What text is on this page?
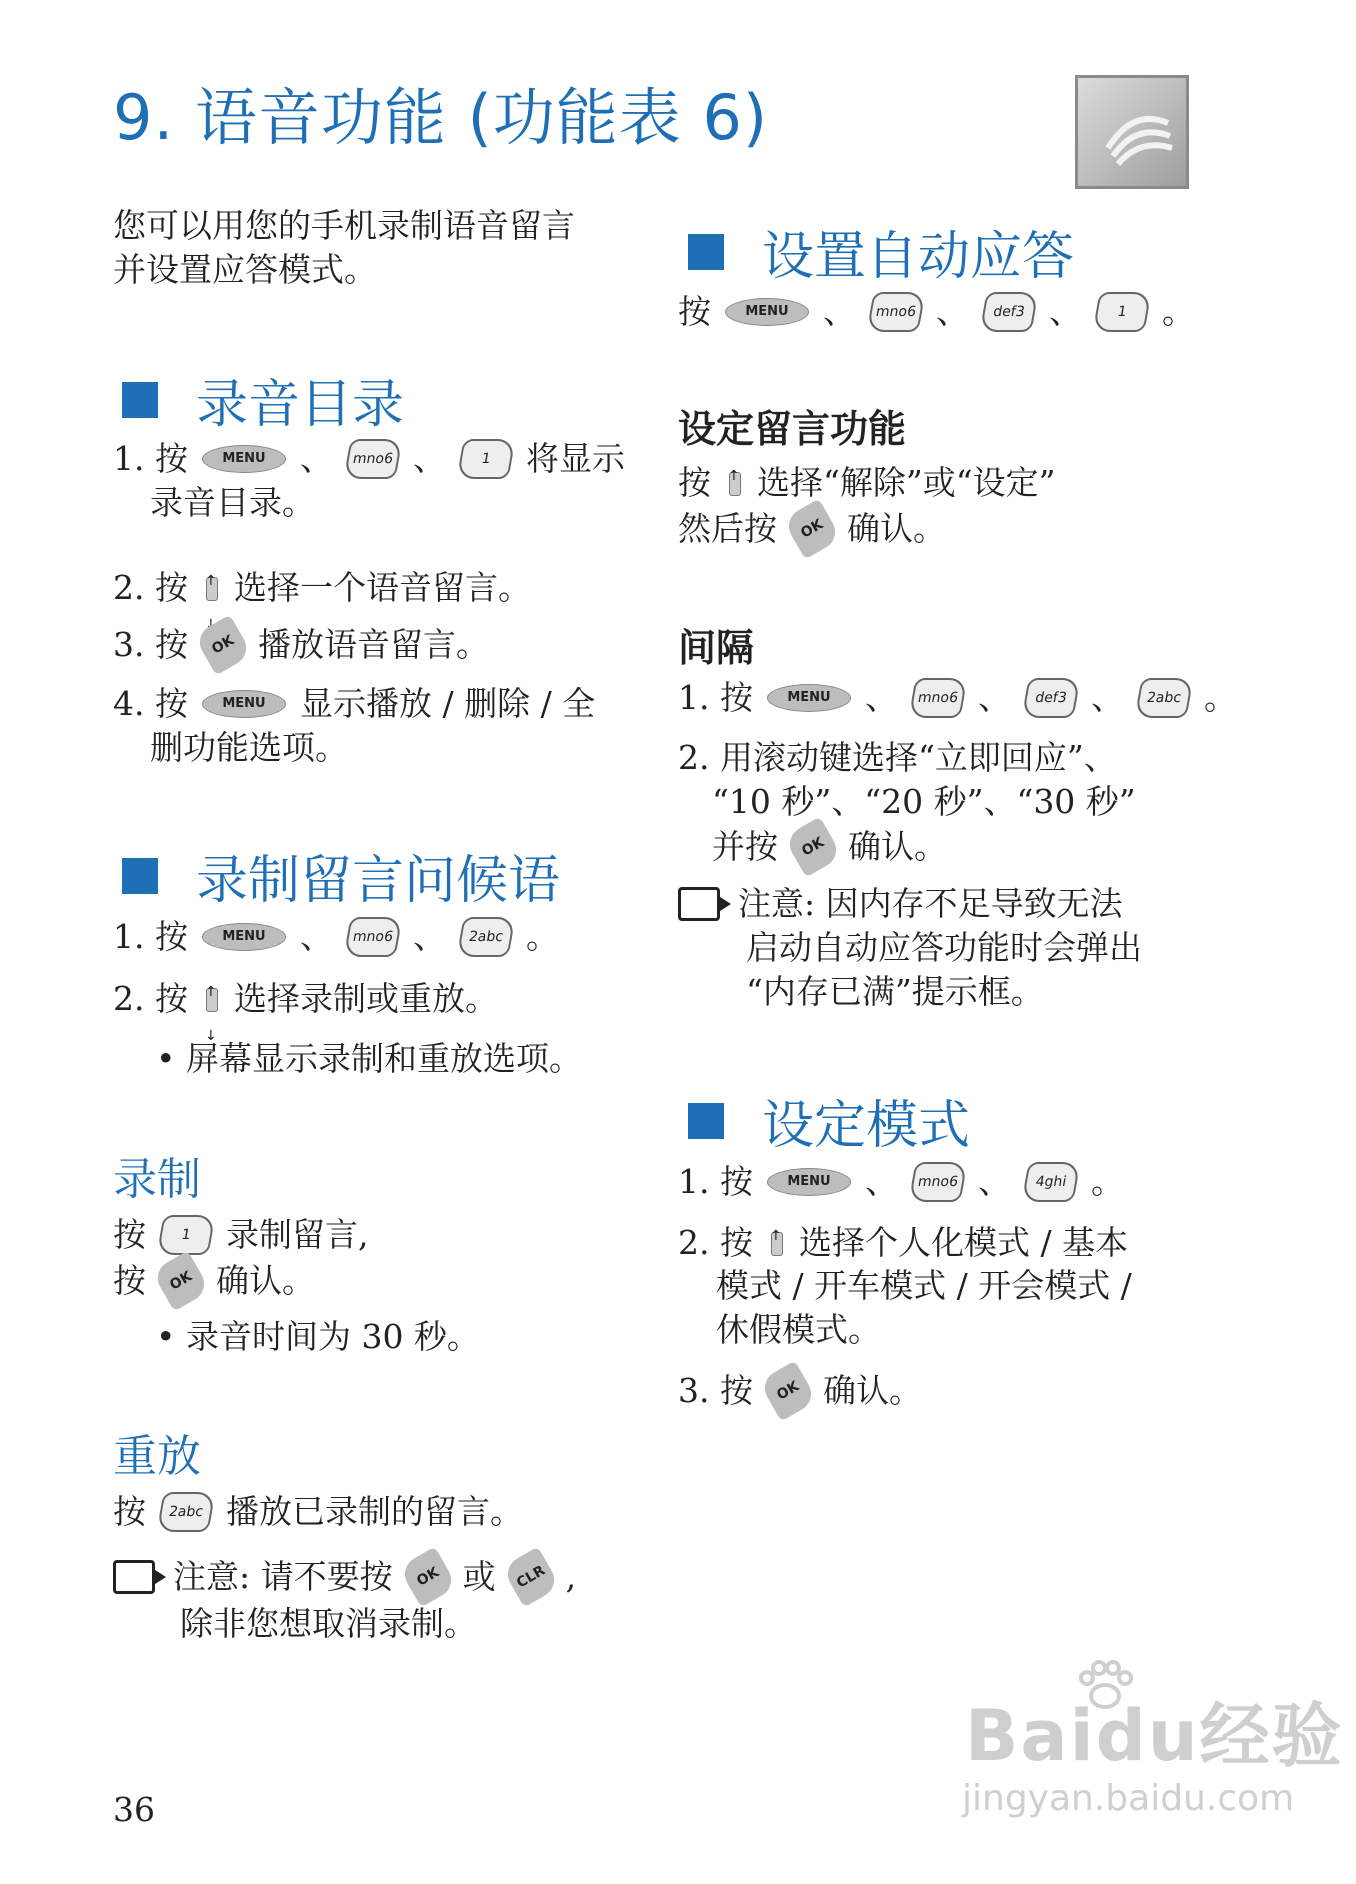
9. 语音功能 (功能表 6)
您可以用您的手机录制语音留言
并设置应答模式。
录音目录
1. 按	MENU	、	mno6 、	1	将显示
录音目录。
2. 按 ↑ ↓ 选择一个语音留言。
3. 按	OK 播放语音留言。
4. 按	MENU	显示播放 / 删除 / 全
删功能选项。
录制留言问候语
1. 按	MENU	、	mno6 、	2abc 。
2. 按 ↑ ↓ 选择录制或重放。
• 屏幕显示录制和重放选项。
录制
按	1	录制留言,
按	OK 确认。
• 录音时间为 30 秒。
重放
按	2abc 播放已录制的留言。
注意: 请不要按	OK 或	CLR ,
除非您想取消录制。
设置自动应答
按	MENU	、	mno6 、	def3 、	1	。
设定留言功能
按 ↑ ↓ 选择“解除”或“设定”
然后按	OK 确认。
间隔
1. 按	MENU	、	mno6 、	def3 、	2abc 。
2. 用滚动键选择“立即回应”、
“10 秒”、“20 秒”、“30 秒”
并按	OK 确认。
注意: 因内存不足导致无法
启动自动应答功能时会弹出
“内存已满”提示框。
设定模式
1. 按	MENU	、	mno6 、	4ghi 。
2. 按 ↑ ↓ 选择个人化模式 / 基本
模式 / 开车模式 / 开会模式 /
休假模式。
3. 按	OK 确认。
36
Baidu经验
jingyan.baidu.com
